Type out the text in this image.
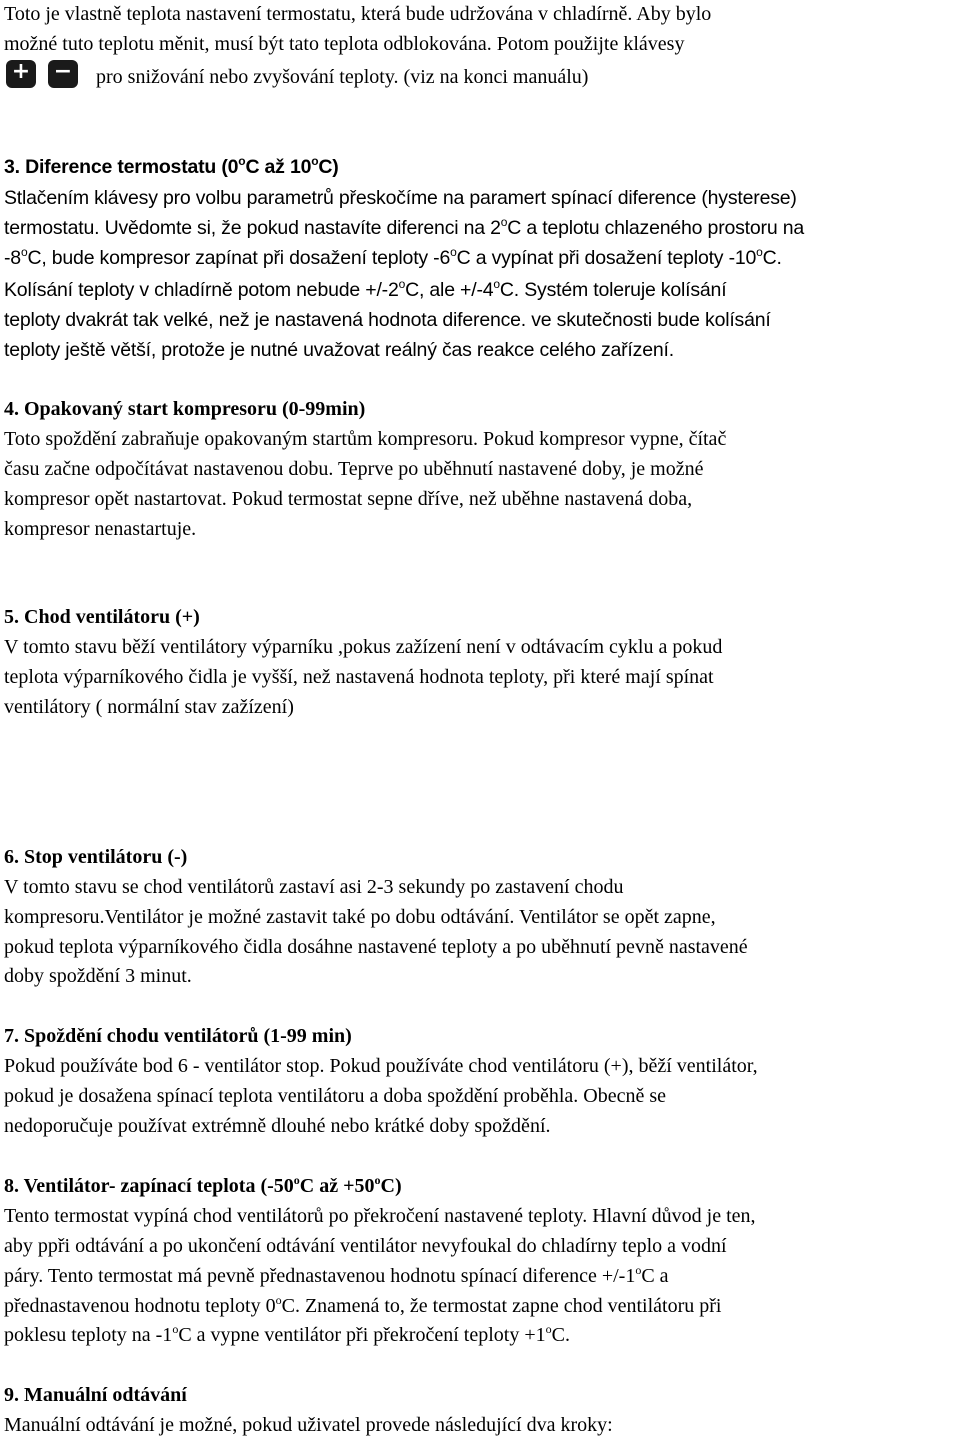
Toto je vlastně teplota nastavení termostatu, která bude udržována v chladírně. Aby bylo
možné tuto teplotu měnit, musí být tato teplota odblokována. Potom použijte klávesy
+ − pro snižování nebo zvyšování teploty. (viz na konci manuálu)
3. Diference termostatu (0$^o$C až 10$^o$C)
Stlačením klávesy pro volbu parametrů přeskočíme na paramert spínací diference (hysterese)
termostatu. Uvědomte si, že pokud nastavíte diferenci na 2$^o$C a teplotu chlazeného prostoru na
-8$^o$C, bude kompresor zapínat při dosažení teploty -6$^o$C a vypínat při dosažení teploty -10$^o$C.
Kolísání teploty v chladírně potom nebude $+/-2^oC$, ale $+/-4^oC$. Systém toleruje kolísání
teploty dvakrát tak velké, než je nastavená hodnota diference. ve skutečnosti bude kolísání
teploty ještě větší, protože je nutné uvažovat reálný čas reakce celého zařízení.
4. Opakovaný start kompresoru (0-99min)
Toto spoždění zabraňuje opakovaným startům kompresoru. Pokud kompresor vypne, čítač
času začne odpočítávat nastavenou dobu. Teprve po uběhnutí nastavené doby, je možné
kompresor opět nastartovat. Pokud termostat sepne dříve, než uběhne nastavená doba,
kompresor nenastartuje.
5. Chod ventilátoru (+)
V tomto stavu běží ventilátory výparníku ,pokus zažízení není v odtávacím cyklu a pokud
teplota výparníkového čidla je vyšší, než nastavená hodnota teploty, při které mají spínat
ventilátory ( normální stav zažízení)
6. Stop ventilátoru (-)
V tomto stavu se chod ventilátorů zastaví asi 2-3 sekundy po zastavení chodu
kompresoru.Ventilátor je možné zastavit také po dobu odtávání. Ventilátor se opět zapne,
pokud teplota výparníkového čidla dosáhne nastavené teploty a po uběhnutí pevně nastavené
doby spoždění 3 minut.
7. Spoždění chodu ventilátorů (1-99 min)
Pokud používáte bod 6 - ventilátor stop. Pokud používáte chod ventilátoru (+), běží ventilátor,
pokud je dosažena spínací teplota ventilátoru a doba spoždění proběhla. Obecně se
nedoporučuje používat extrémně dlouhé nebo krátké doby spoždění.
8. Ventilátor- zapínací teplota (-50$^o$C až $+50^oC$)
Tento termostat vypíná chod ventilátorů po překročení nastavené teploty. Hlavní důvod je ten,
aby ppři odtávání a po ukončení odtávání ventilátor nevyfoukal do chladírny teplo a vodní
páry. Tento termostat má pevně přednastavenou hodnotu spínací diference $+/-1^oC$ a
přednastavenou hodnotu teploty 0$^o$C. Znamená to, že termostat zapne chod ventilátoru při
poklesu teploty na -1$^o$C a vypne ventilátor při překročení teploty $+1^oC$.
9. Manuální odtávání
Manuální odtávání je možné, pokud uživatel provede následující dva kroky:
